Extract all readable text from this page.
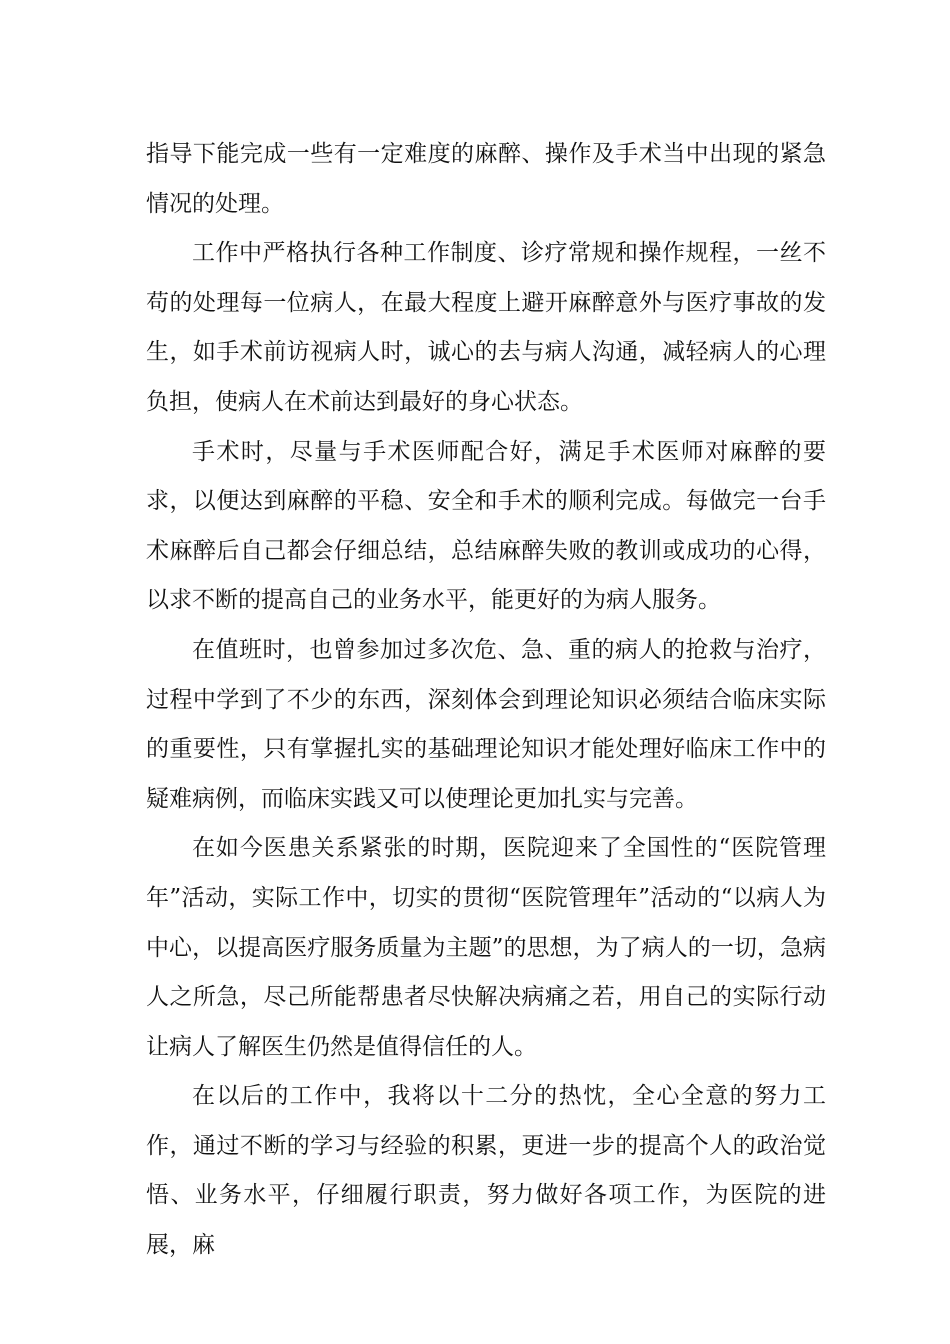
指导下能完成一些有一定难度的麻醉、操作及手术当中出现的紧急情况的处理。

工作中严格执行各种工作制度、诊疗常规和操作规程，一丝不苟的处理每一位病人，在最大程度上避开麻醉意外与医疗事故的发生，如手术前访视病人时，诚心的去与病人沟通，减轻病人的心理负担，使病人在术前达到最好的身心状态。

手术时，尽量与手术医师配合好，满足手术医师对麻醉的要求，以便达到麻醉的平稳、安全和手术的顺利完成。每做完一台手术麻醉后自己都会仔细总结，总结麻醉失败的教训或成功的心得，以求不断的提高自己的业务水平，能更好的为病人服务。

在值班时，也曾参加过多次危、急、重的病人的抢救与治疗，过程中学到了不少的东西，深刻体会到理论知识必须结合临床实际的重要性，只有掌握扎实的基础理论知识才能处理好临床工作中的疑难病例，而临床实践又可以使理论更加扎实与完善。

在如今医患关系紧张的时期，医院迎来了全国性的“医院管理年”活动，实际工作中，切实的贯彻“医院管理年”活动的“以病人为中心，以提高医疗服务质量为主题”的思想，为了病人的一切，急病人之所急，尽己所能帮患者尽快解决病痛之若，用自己的实际行动让病人了解医生仍然是值得信任的人。

在以后的工作中，我将以十二分的热忱，全心全意的努力工作，通过不断的学习与经验的积累，更进一步的提高个人的政治觉悟、业务水平，仔细履行职责，努力做好各项工作，为医院的进展，麻
